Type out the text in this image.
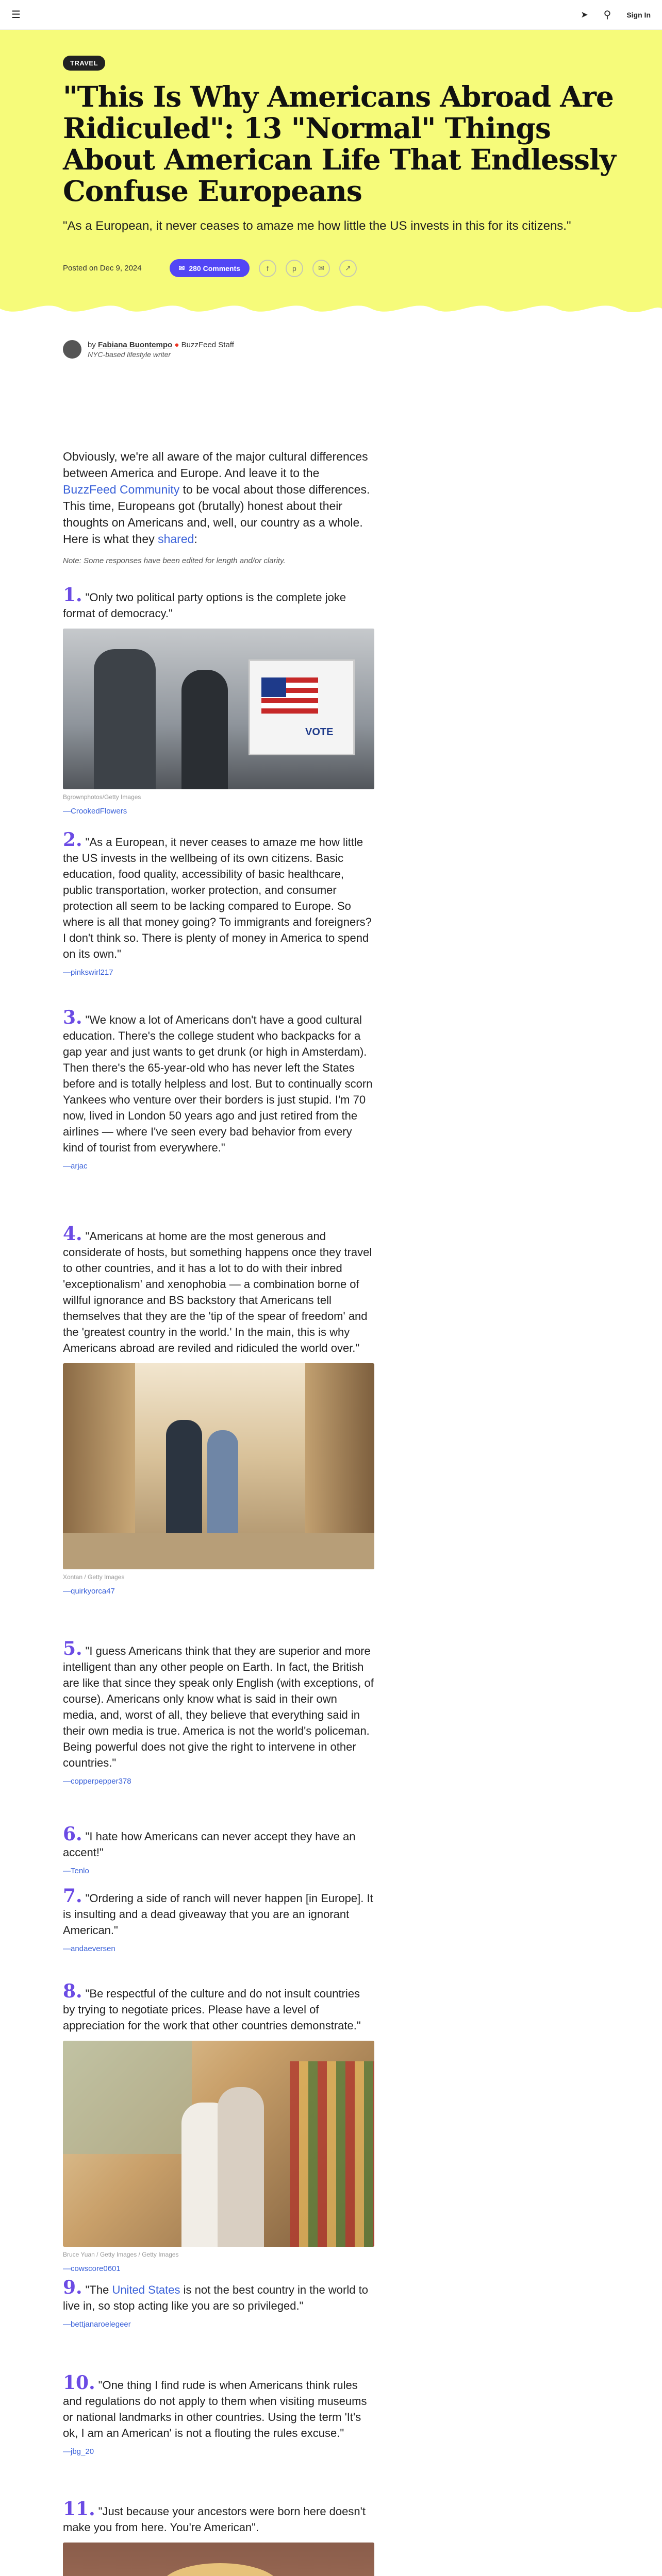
☰	➤ ⚲ Sign In
TRAVEL
"This Is Why Americans Abroad Are Ridiculed": 13 "Normal" Things About American Life That Endlessly Confuse Europeans
"As a European, it never ceases to amaze me how little the US invests in this for its citizens."
Posted on Dec 9, 2024	✉ 280 Comments	f	p	✉	↗
by Fabiana Buontempo ● BuzzFeed Staff
NYC-based lifestyle writer
Obviously, we're all aware of the major cultural differences between America and Europe. And leave it to the BuzzFeed Community to be vocal about those differences. This time, Europeans got (brutally) honest about their thoughts on Americans and, well, our country as a whole. Here is what they shared:
Note: Some responses have been edited for length and/or clarity.

1. "Only two political party options is the complete joke format of democracy."

VOTE
Bgrownphotos/Getty Images
—CrookedFlowers

2. "As a European, it never ceases to amaze me how little the US invests in the wellbeing of its own citizens. Basic education, food quality, accessibility of basic healthcare, public transportation, worker protection, and consumer protection all seem to be lacking compared to Europe. So where is all that money going? To immigrants and foreigners? I don't think so. There is plenty of money in America to spend on its own."

—pinkswirl217

3. "We know a lot of Americans don't have a good cultural education. There's the college student who backpacks for a gap year and just wants to get drunk (or high in Amsterdam). Then there's the 65-year-old who has never left the States before and is totally helpless and lost. But to continually scorn Yankees who venture over their borders is just stupid. I'm 70 now, lived in London 50 years ago and just retired from the airlines — where I've seen every bad behavior from every kind of tourist from everywhere."

—arjac

4. "Americans at home are the most generous and considerate of hosts, but something happens once they travel to other countries, and it has a lot to do with their inbred 'exceptionalism' and xenophobia — a combination borne of willful ignorance and BS backstory that Americans tell themselves that they are the 'tip of the spear of freedom' and the 'greatest country in the world.' In the main, this is why Americans abroad are reviled and ridiculed the world over."

Xontan / Getty Images
—quirkyorca47

5. "I guess Americans think that they are superior and more intelligent than any other people on Earth. In fact, the British are like that since they speak only English (with exceptions, of course). Americans only know what is said in their own media, and, worst of all, they believe that everything said in their own media is true. America is not the world's policeman. Being powerful does not give the right to intervene in other countries."

—copperpepper378

6. "I hate how Americans can never accept they have an accent!"

—Tenlo

7. "Ordering a side of ranch will never happen [in Europe]. It is insulting and a dead giveaway that you are an ignorant American."

—andaeversen

8. "Be respectful of the culture and do not insult countries by trying to negotiate prices. Please have a level of appreciation for the work that other countries demonstrate."

Bruce Yuan / Getty Images / Getty Images
—cowscore0601

9. "The United States is not the best country in the world to live in, so stop acting like you are so privileged."

—bettjanaroelegeer

10. "One thing I find rude is when Americans think rules and regulations do not apply to them when visiting museums or national landmarks in other countries. Using the term 'It's ok, I am an American' is not a flouting the rules excuse."

—jbg_20

11. "Just because your ancestors were born here doesn't make you from here. You're American".
